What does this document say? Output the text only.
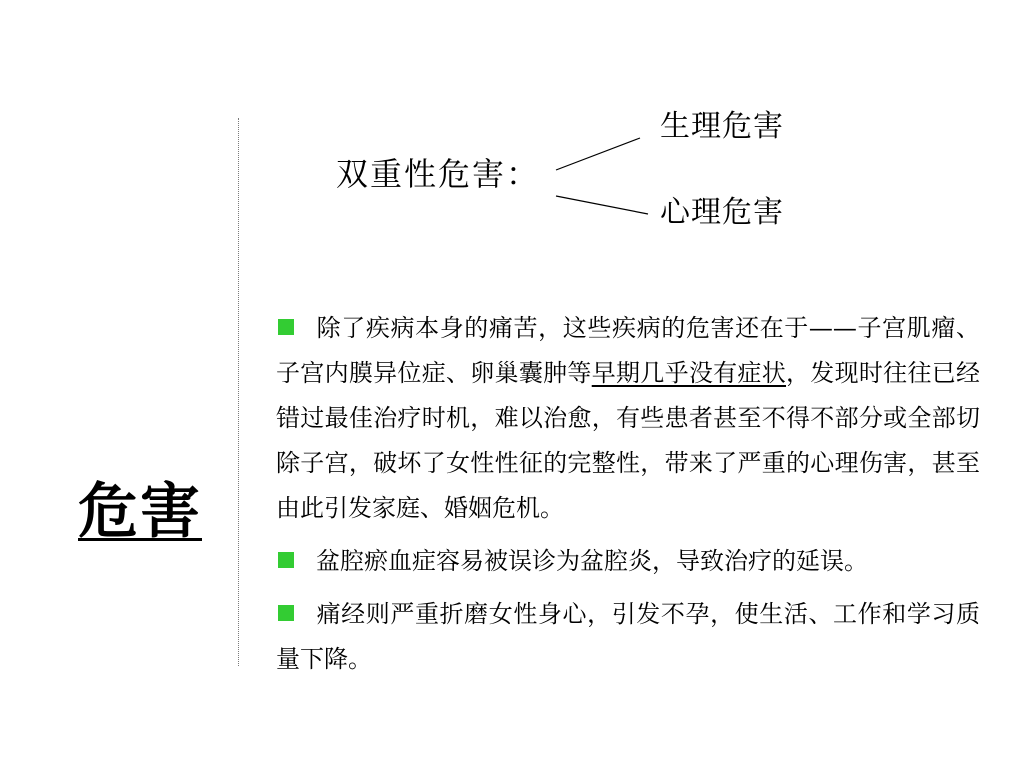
危害
双重性危害：
生理危害
心理危害

除了疾病本身的痛苦，这些疾病的危害还在于——子宫肌瘤、子宫内膜异位症、卵巢囊肿等早期几乎没有症状，发现时往往已经错过最佳治疗时机，难以治愈，有些患者甚至不得不部分或全部切除子宫，破坏了女性性征的完整性，带来了严重的心理伤害，甚至由此引发家庭、婚姻危机。

盆腔瘀血症容易被误诊为盆腔炎，导致治疗的延误。

痛经则严重折磨女性身心，引发不孕，使生活、工作和学习质量下降。
